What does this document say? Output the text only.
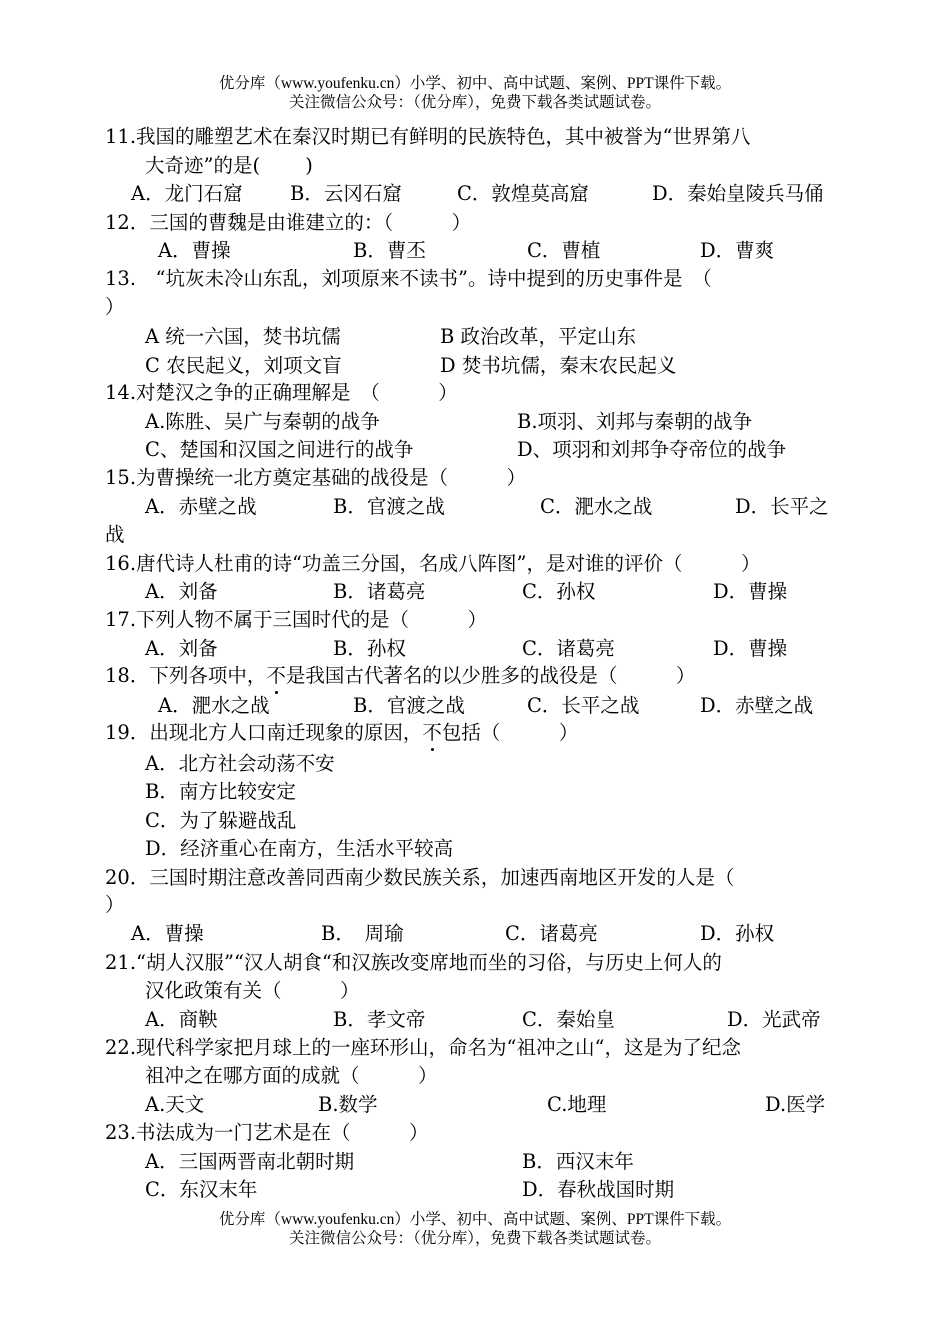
优分库（www.youfenku.cn）小学、初中、高中试题、案例、PPT课件下载。
关注微信公众号：（优分库），免费下载各类试题试卷。
11.我国的雕塑艺术在秦汉时期已有鲜明的民族特色，其中被誉为“世界第八
大奇迹”的是(　　 )
A．龙门石窟 B．云冈石窟	C．敦煌莫高窟	D．秦始皇陵兵马俑
12．三国的曹魏是由谁建立的：（　　　）
A．曹操	B．曹丕	C．曹植	D．曹爽
13.　“坑灰未冷山东乱，刘项原来不读书”。诗中提到的历史事件是　（
）
A 统一六国，焚书坑儒	B 政治改革，平定山东
C 农民起义，刘项文盲	D 焚书坑儒，秦末农民起义
14.对楚汉之争的正确理解是　（　　　）
A.陈胜、吴广与秦朝的战争	B.项羽、刘邦与秦朝的战争
C、楚国和汉国之间进行的战争	D、项羽和刘邦争夺帝位的战争
15.为曹操统一北方奠定基础的战役是（　　　）
A．赤壁之战	B．官渡之战	C．淝水之战	D．长平之
战
16.唐代诗人杜甫的诗“功盖三分国，名成八阵图”，是对谁的评价（　　　）
A．刘备	B．诸葛亮	C．孙权	D．曹操
17.下列人物不属于三国时代的是（　　　）
A．刘备	B．孙权	C．诸葛亮	D．曹操
18．下列各项中，不是我国古代著名的以少胜多的战役是（　　　）
A．淝水之战	B．官渡之战	C．长平之战	D．赤壁之战
19．出现北方人口南迁现象的原因，不包括（　　　）
A．北方社会动荡不安
B．南方比较安定
C．为了躲避战乱
D．经济重心在南方，生活水平较高
20．三国时期注意改善同西南少数民族关系，加速西南地区开发的人是（
）
A．曹操	B．　周瑜	C．诸葛亮	D．孙权
21.“胡人汉服”“汉人胡食“和汉族改变席地而坐的习俗，与历史上何人的
汉化政策有关（　　　）
A．商鞅	B．孝文帝	C．秦始皇	D．光武帝
22.现代科学家把月球上的一座环形山，命名为“祖冲之山“，这是为了纪念
祖冲之在哪方面的成就（　　　）
A.天文	B.数学	C.地理	D.医学
23.书法成为一门艺术是在（　　　）
A．三国两晋南北朝时期	B．西汉末年
C．东汉末年	D．春秋战国时期
优分库（www.youfenku.cn）小学、初中、高中试题、案例、PPT课件下载。
关注微信公众号：（优分库），免费下载各类试题试卷。
